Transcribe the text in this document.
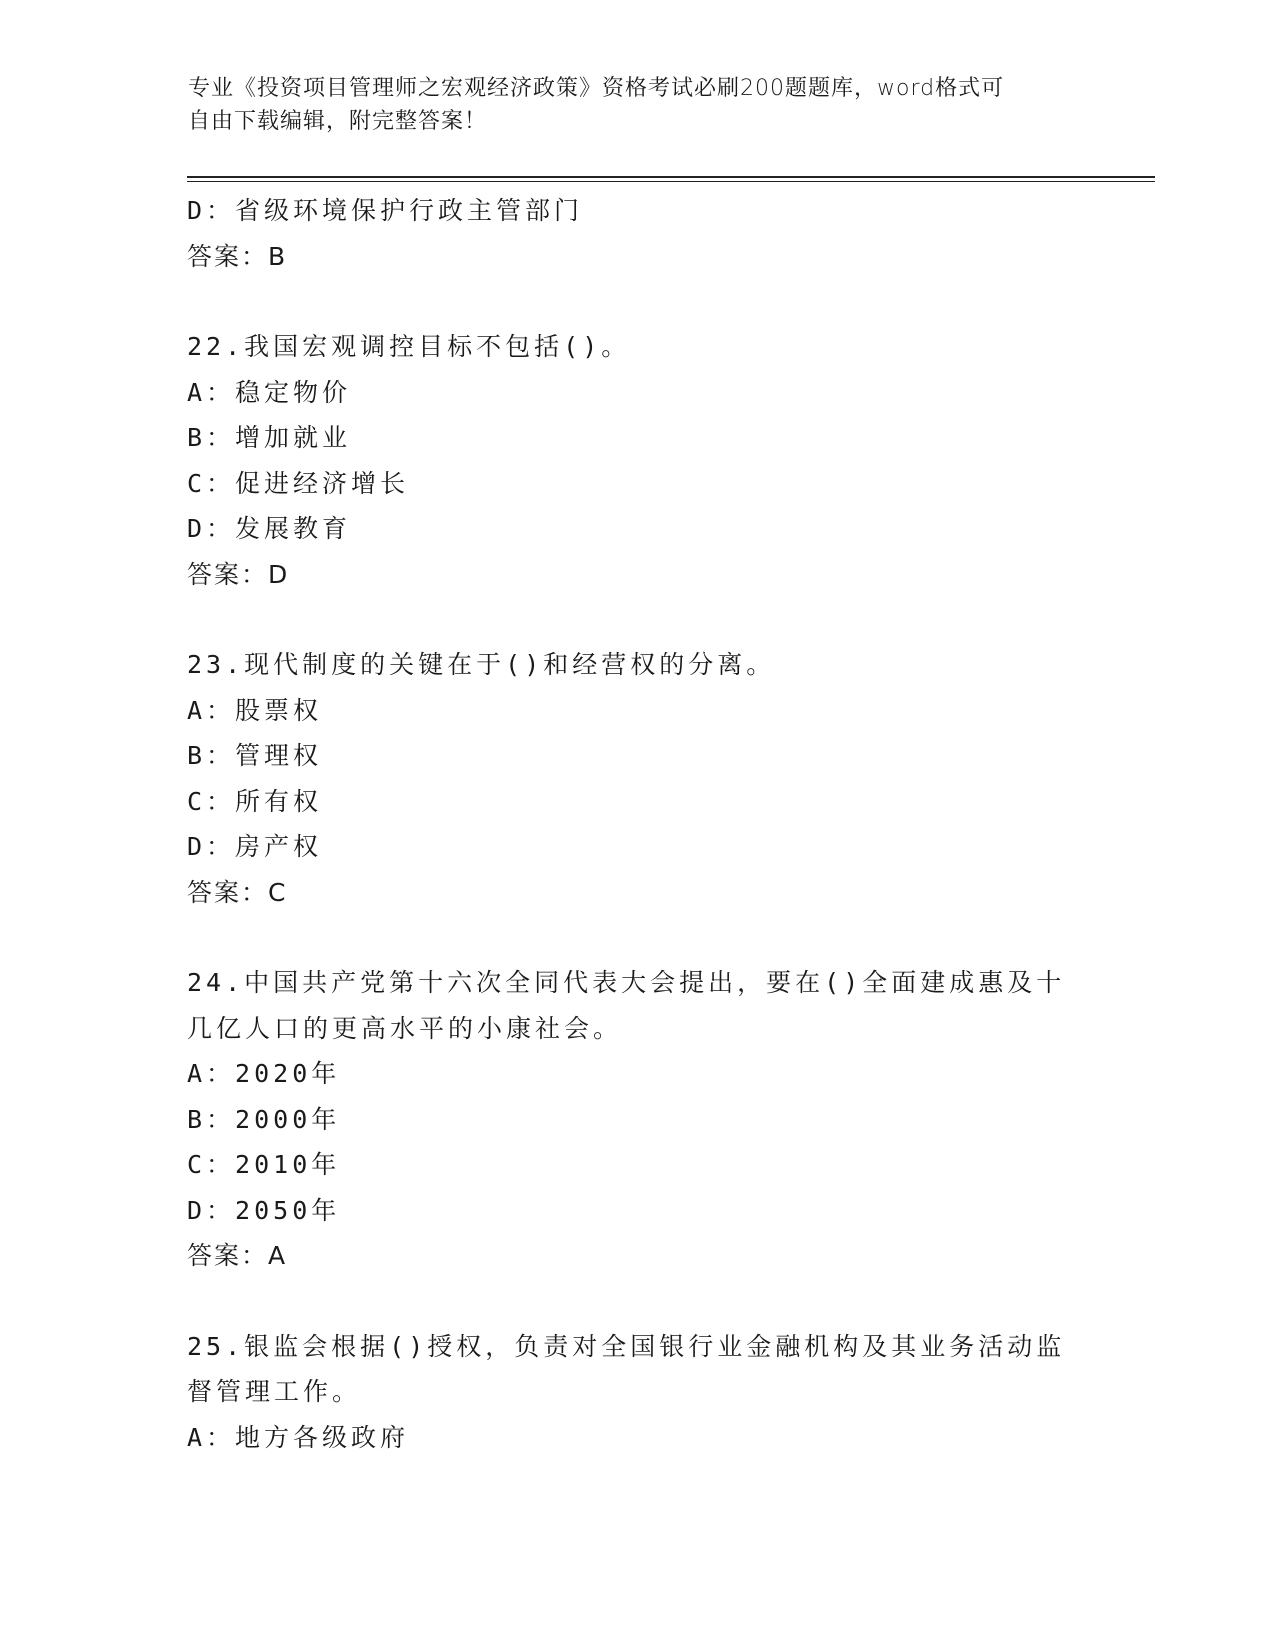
专业《投资项目管理师之宏观经济政策》资格考试必刷200题题库，word格式可
自由下载编辑，附完整答案！
D：省级环境保护行政主管部门
答案：B
22.我国宏观调控目标不包括()。
A：稳定物价
B：增加就业
C：促进经济增长
D：发展教育
答案：D
23.现代制度的关键在于()和经营权的分离。
A：股票权
B：管理权
C：所有权
D：房产权
答案：C
24.中国共产党第十六次全同代表大会提出，要在()全面建成惠及十几亿人口的更高水平的小康社会。
A：2020年
B：2000年
C：2010年
D：2050年
答案：A
25.银监会根据()授权，负责对全国银行业金融机构及其业务活动监督管理工作。
A：地方各级政府
